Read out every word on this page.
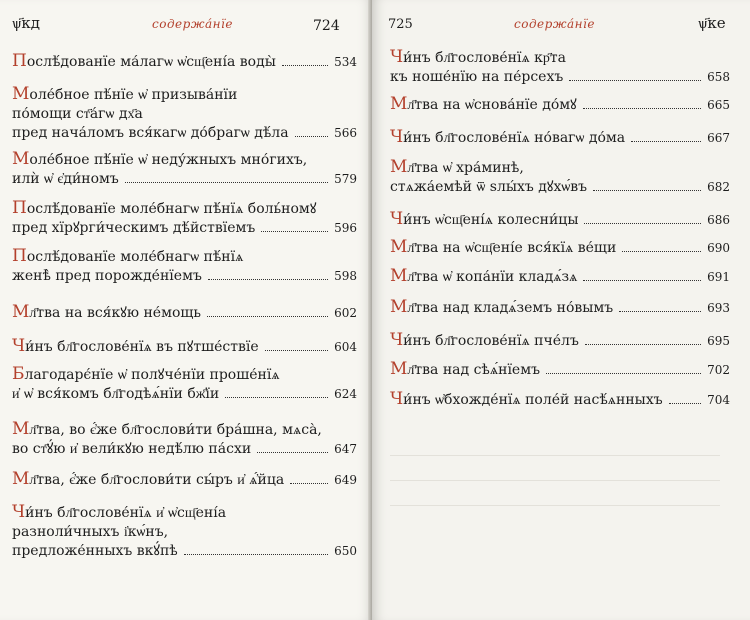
ѱ҃кд	содержа́нїе	724
Послѣ́дованїе ма́лагѡ ѡ҆сщ҃ені́а воды̀	534
Моле́бное пѣ́нїе ѡ҆ призыва́нїи
по́мощи ст҃а́гѡ дх҃а
пред нача́ломъ вся́кагѡ до́брагѡ дѣ́ла	566
Моле́бное пѣ́нїе ѡ҆ неду́жныхъ мно́гихъ,
илѝ ѡ҆ є҆ди́номъ	579
Послѣ́дованїе моле́бнагѡ пѣ́нїѧ боль́номꙋ
пред хїрꙋрги́ческимъ дѣ́йствїемъ	596
Послѣ́дованїе моле́бнагѡ пѣ́нїѧ
женѣ̀ пред порожде́нїемъ	598
Мл҃тва на вся́кꙋю не́мощь	602
Чи́нъ бл҃гослове́нїѧ въ пꙋтше́ствїе	604
Благодарє́нїе ѡ҆ полꙋче́нїи проше́нїѧ
и҆ ѡ҆ вся́комъ бл҃годѣѧ́нїи бж҃їи	624
Мл҃тва, во є҆́же бл҃гослови́ти бра́шна, мѧса̀,
во ст҃ꙋ́ю и҆ вели́кꙋю недѣ́лю па́схи	647
Мл҃тва, є҆́же бл҃гослови́ти сы́ръ и҆ ѧ҆́йца	649
Чи́нъ бл҃гослове́нїѧ и҆ ѡ҆сщ҃ені́а
разноли́чныхъ і҆кѡ́нъ,
предложе́нныхъ вкꙋ́пѣ	650
725	содержа́нїе	ѱ҃ке
Чи́нъ бл҃гослове́нїѧ кр҃та
къ ноше́нїю на пе́рсехъ	658
Мл҃тва на ѡ҆снова́нїе до́мꙋ	665
Чи́нъ бл҃гослове́нїѧ но́вагѡ до́ма	667
Мл҃тва ѡ҆ хра́минѣ,
стѧжа́емѣй ѿ ѕлы́хъ дꙋхѡ́въ	682
Чи́нъ ѡ҆сщ҃ені́ѧ колесни́цы	686
Мл҃тва на ѡ҆сщ҃ені́е вся́кїѧ ве́щи	690
Мл҃тва ѡ҆ копа́нїи кладѧ́зѧ	691
Мл҃тва над кладѧ́земъ но́вымъ	693
Чи́нъ бл҃гослове́нїѧ пче́лъ	695
Мл҃тва над сѣѧ́нїемъ	702
Чи́нъ ѡ҆бхожде́нїѧ поле́й насѣ́ѧнныхъ	704
